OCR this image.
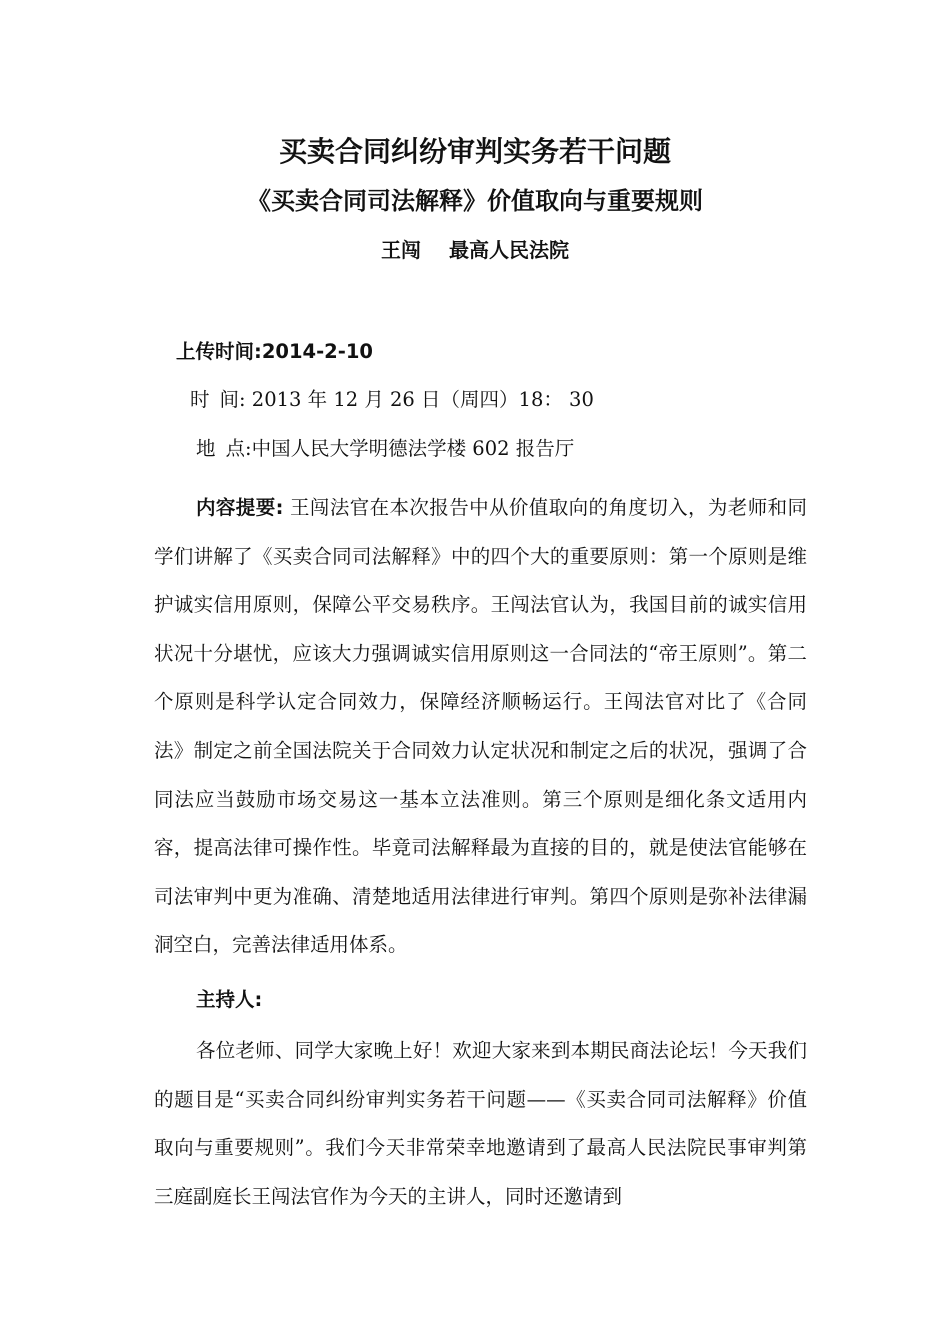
买卖合同纠纷审判实务若干问题
《买卖合同司法解释》价值取向与重要规则
王闯 最高人民法院
上传时间:2014-2-10
时 间: 2013 年 12 月 26 日（周四）18： 30
地 点:中国人民大学明德法学楼 602 报告厅

内容提要: 王闯法官在本次报告中从价值取向的角度切入，为老师和同学们讲解了《买卖合同司法解释》中的四个大的重要原则：第一个原则是维护诚实信用原则，保障公平交易秩序。王闯法官认为，我国目前的诚实信用状况十分堪忧，应该大力强调诚实信用原则这一合同法的“帝王原则”。第二个原则是科学认定合同效力，保障经济顺畅运行。王闯法官对比了《合同法》制定之前全国法院关于合同效力认定状况和制定之后的状况，强调了合同法应当鼓励市场交易这一基本立法准则。第三个原则是细化条文适用内容，提高法律可操作性。毕竟司法解释最为直接的目的，就是使法官能够在司法审判中更为准确、清楚地适用法律进行审判。第四个原则是弥补法律漏洞空白，完善法律适用体系。

主持人:

各位老师、同学大家晚上好！欢迎大家来到本期民商法论坛！今天我们的题目是“买卖合同纠纷审判实务若干问题——《买卖合同司法解释》价值取向与重要规则”。我们今天非常荣幸地邀请到了最高人民法院民事审判第三庭副庭长王闯法官作为今天的主讲人，同时还邀请到
